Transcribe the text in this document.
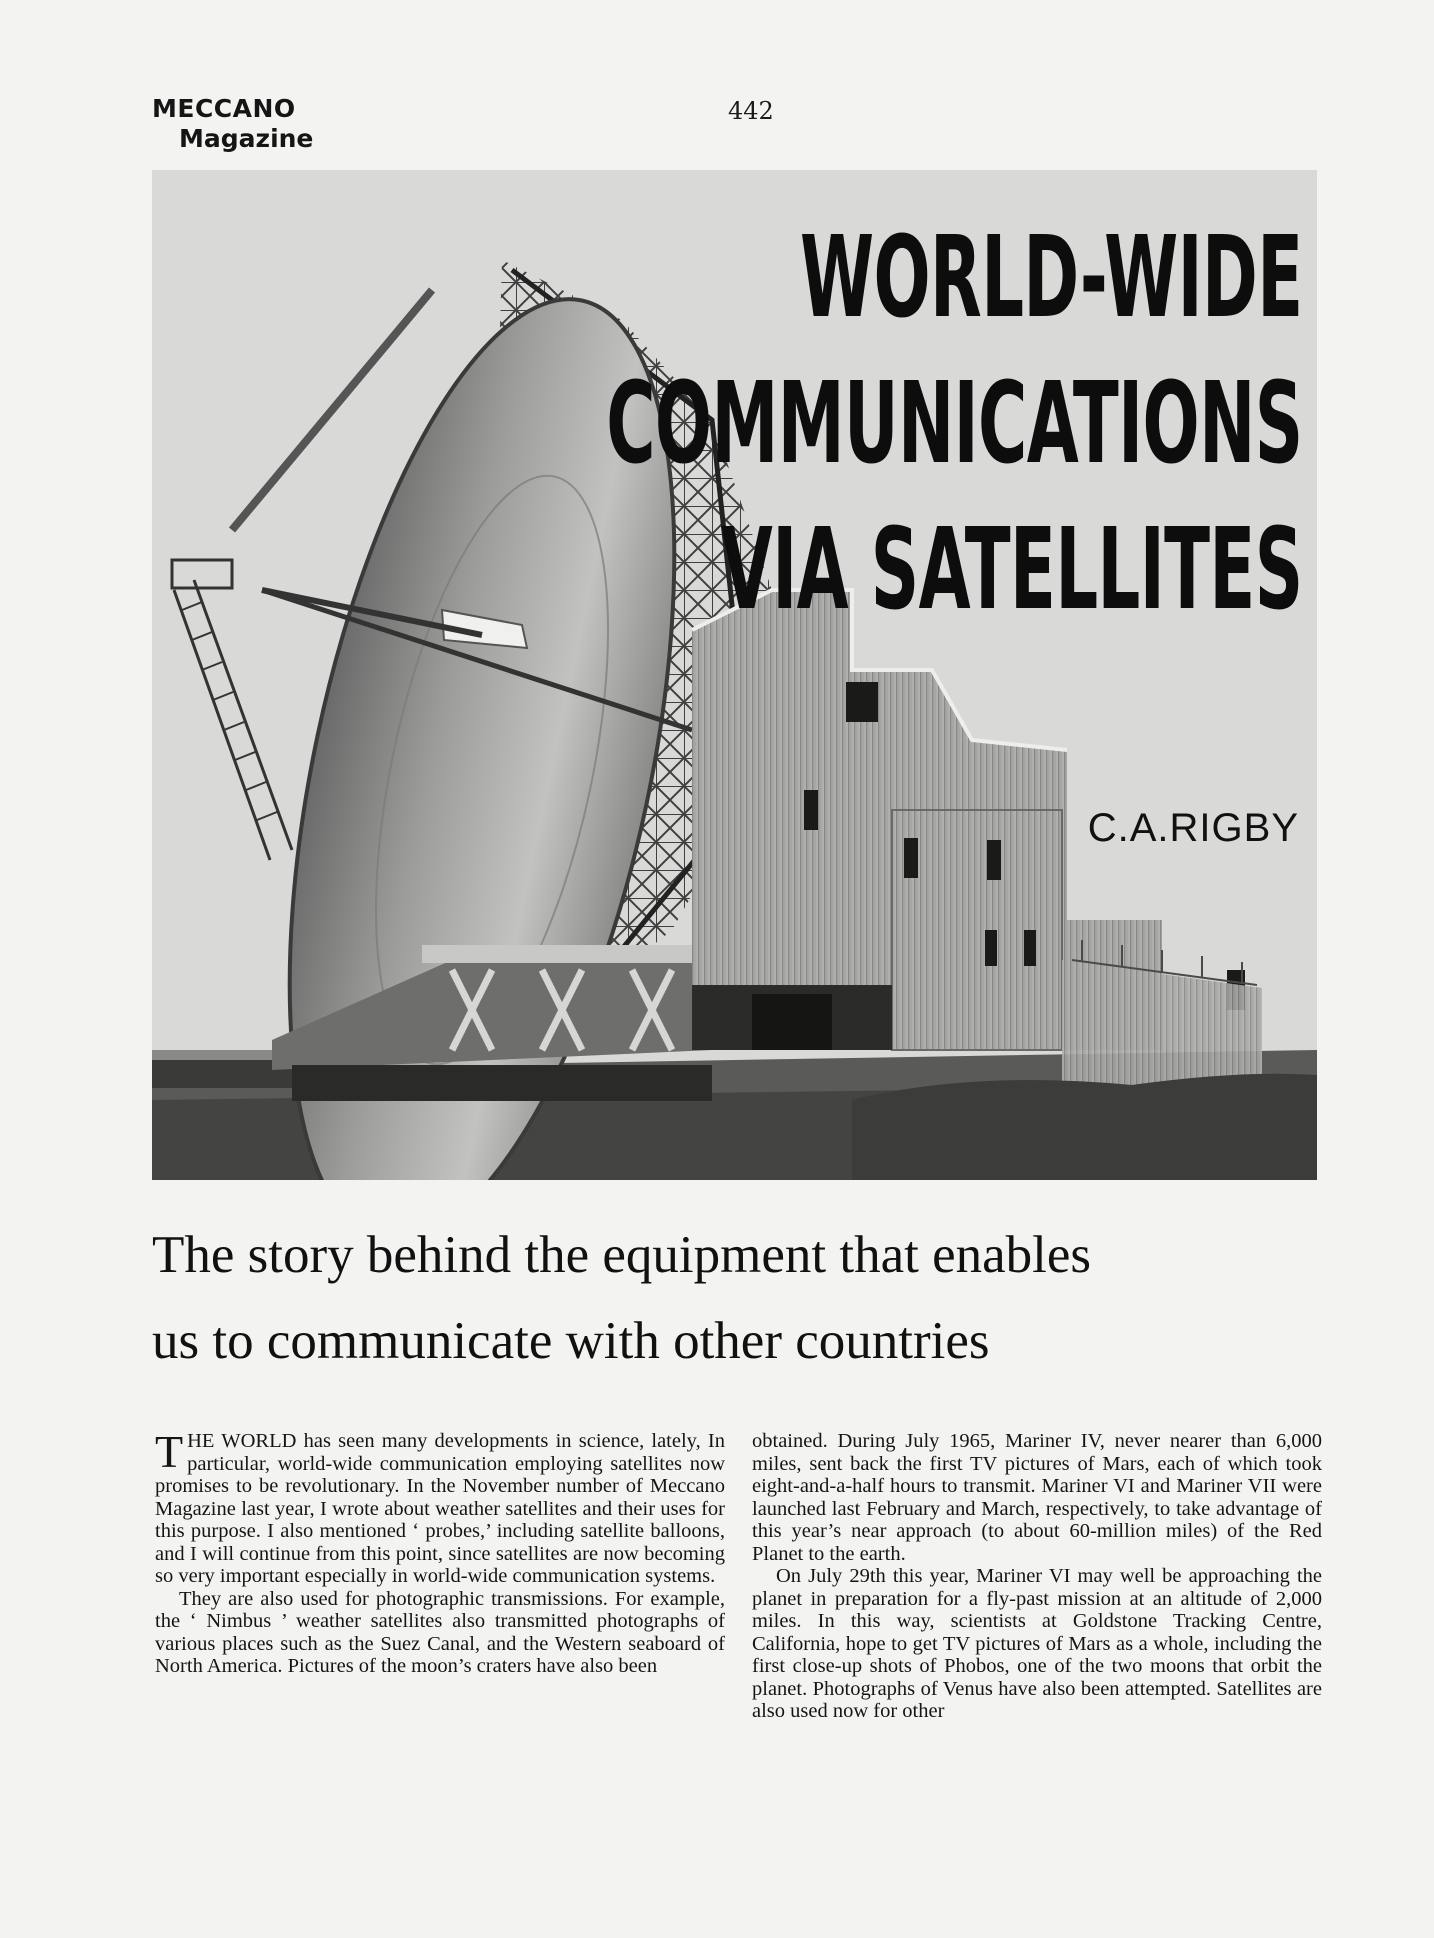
MECCANO
Magazine
442
WORLD-WIDE
COMMUNICATIONS
VIA SATELLITES
C.A.RIGBY
The story behind the equipment that enables
us to communicate with other countries

THE WORLD has seen many developments in science, lately, In particular, world-wide communication employing satellites now promises to be revolutionary. In the November number of Meccano Magazine last year, I wrote about weather satellites and their uses for this purpose. I also mentioned ‘ probes,’ including satellite balloons, and I will continue from this point, since satellites are now becoming so very important especially in world-wide communication systems.

They are also used for photographic transmissions. For example, the ‘ Nimbus ’ weather satellites also transmitted photographs of various places such as the Suez Canal, and the Western seaboard of North America. Pictures of the moon’s craters have also been

obtained. During July 1965, Mariner IV, never nearer than 6,000 miles, sent back the first TV pictures of Mars, each of which took eight-and-a-half hours to transmit. Mariner VI and Mariner VII were launched last February and March, respectively, to take advantage of this year’s near approach (to about 60-million miles) of the Red Planet to the earth.

On July 29th this year, Mariner VI may well be approaching the planet in preparation for a fly-past mission at an altitude of 2,000 miles. In this way, scientists at Goldstone Tracking Centre, California, hope to get TV pictures of Mars as a whole, including the first close-up shots of Phobos, one of the two moons that orbit the planet. Photographs of Venus have also been attempted. Satellites are also used now for other
